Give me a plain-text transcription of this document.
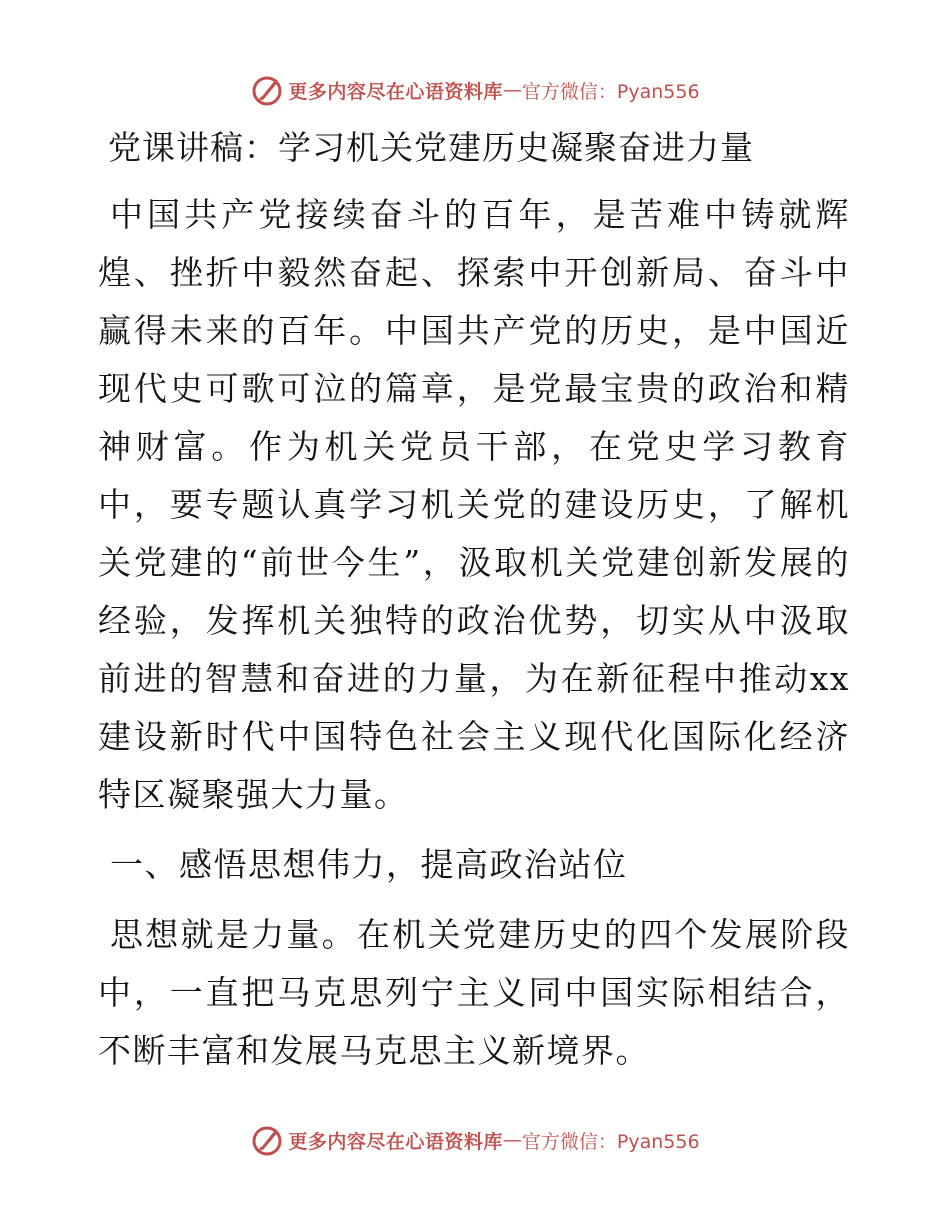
更多内容尽在心语资料库 — 官方微信：Pyan556
党课讲稿：学习机关党建历史凝聚奋进力量

中国共产党接续奋斗的百年，是苦难中铸就辉煌、挫折中毅然奋起、探索中开创新局、奋斗中赢得未来的百年。中国共产党的历史，是中国近现代史可歌可泣的篇章，是党最宝贵的政治和精神财富。作为机关党员干部，在党史学习教育中，要专题认真学习机关党的建设历史，了解机关党建的“前世今生”，汲取机关党建创新发展的经验，发挥机关独特的政治优势，切实从中汲取前进的智慧和奋进的力量，为在新征程中推动xx建设新时代中国特色社会主义现代化国际化经济特区凝聚强大力量。

一、感悟思想伟力，提高政治站位

思想就是力量。在机关党建历史的四个发展阶段中，一直把马克思列宁主义同中国实际相结合，不断丰富和发展马克思主义新境界。

更多内容尽在心语资料库 — 官方微信：Pyan556
